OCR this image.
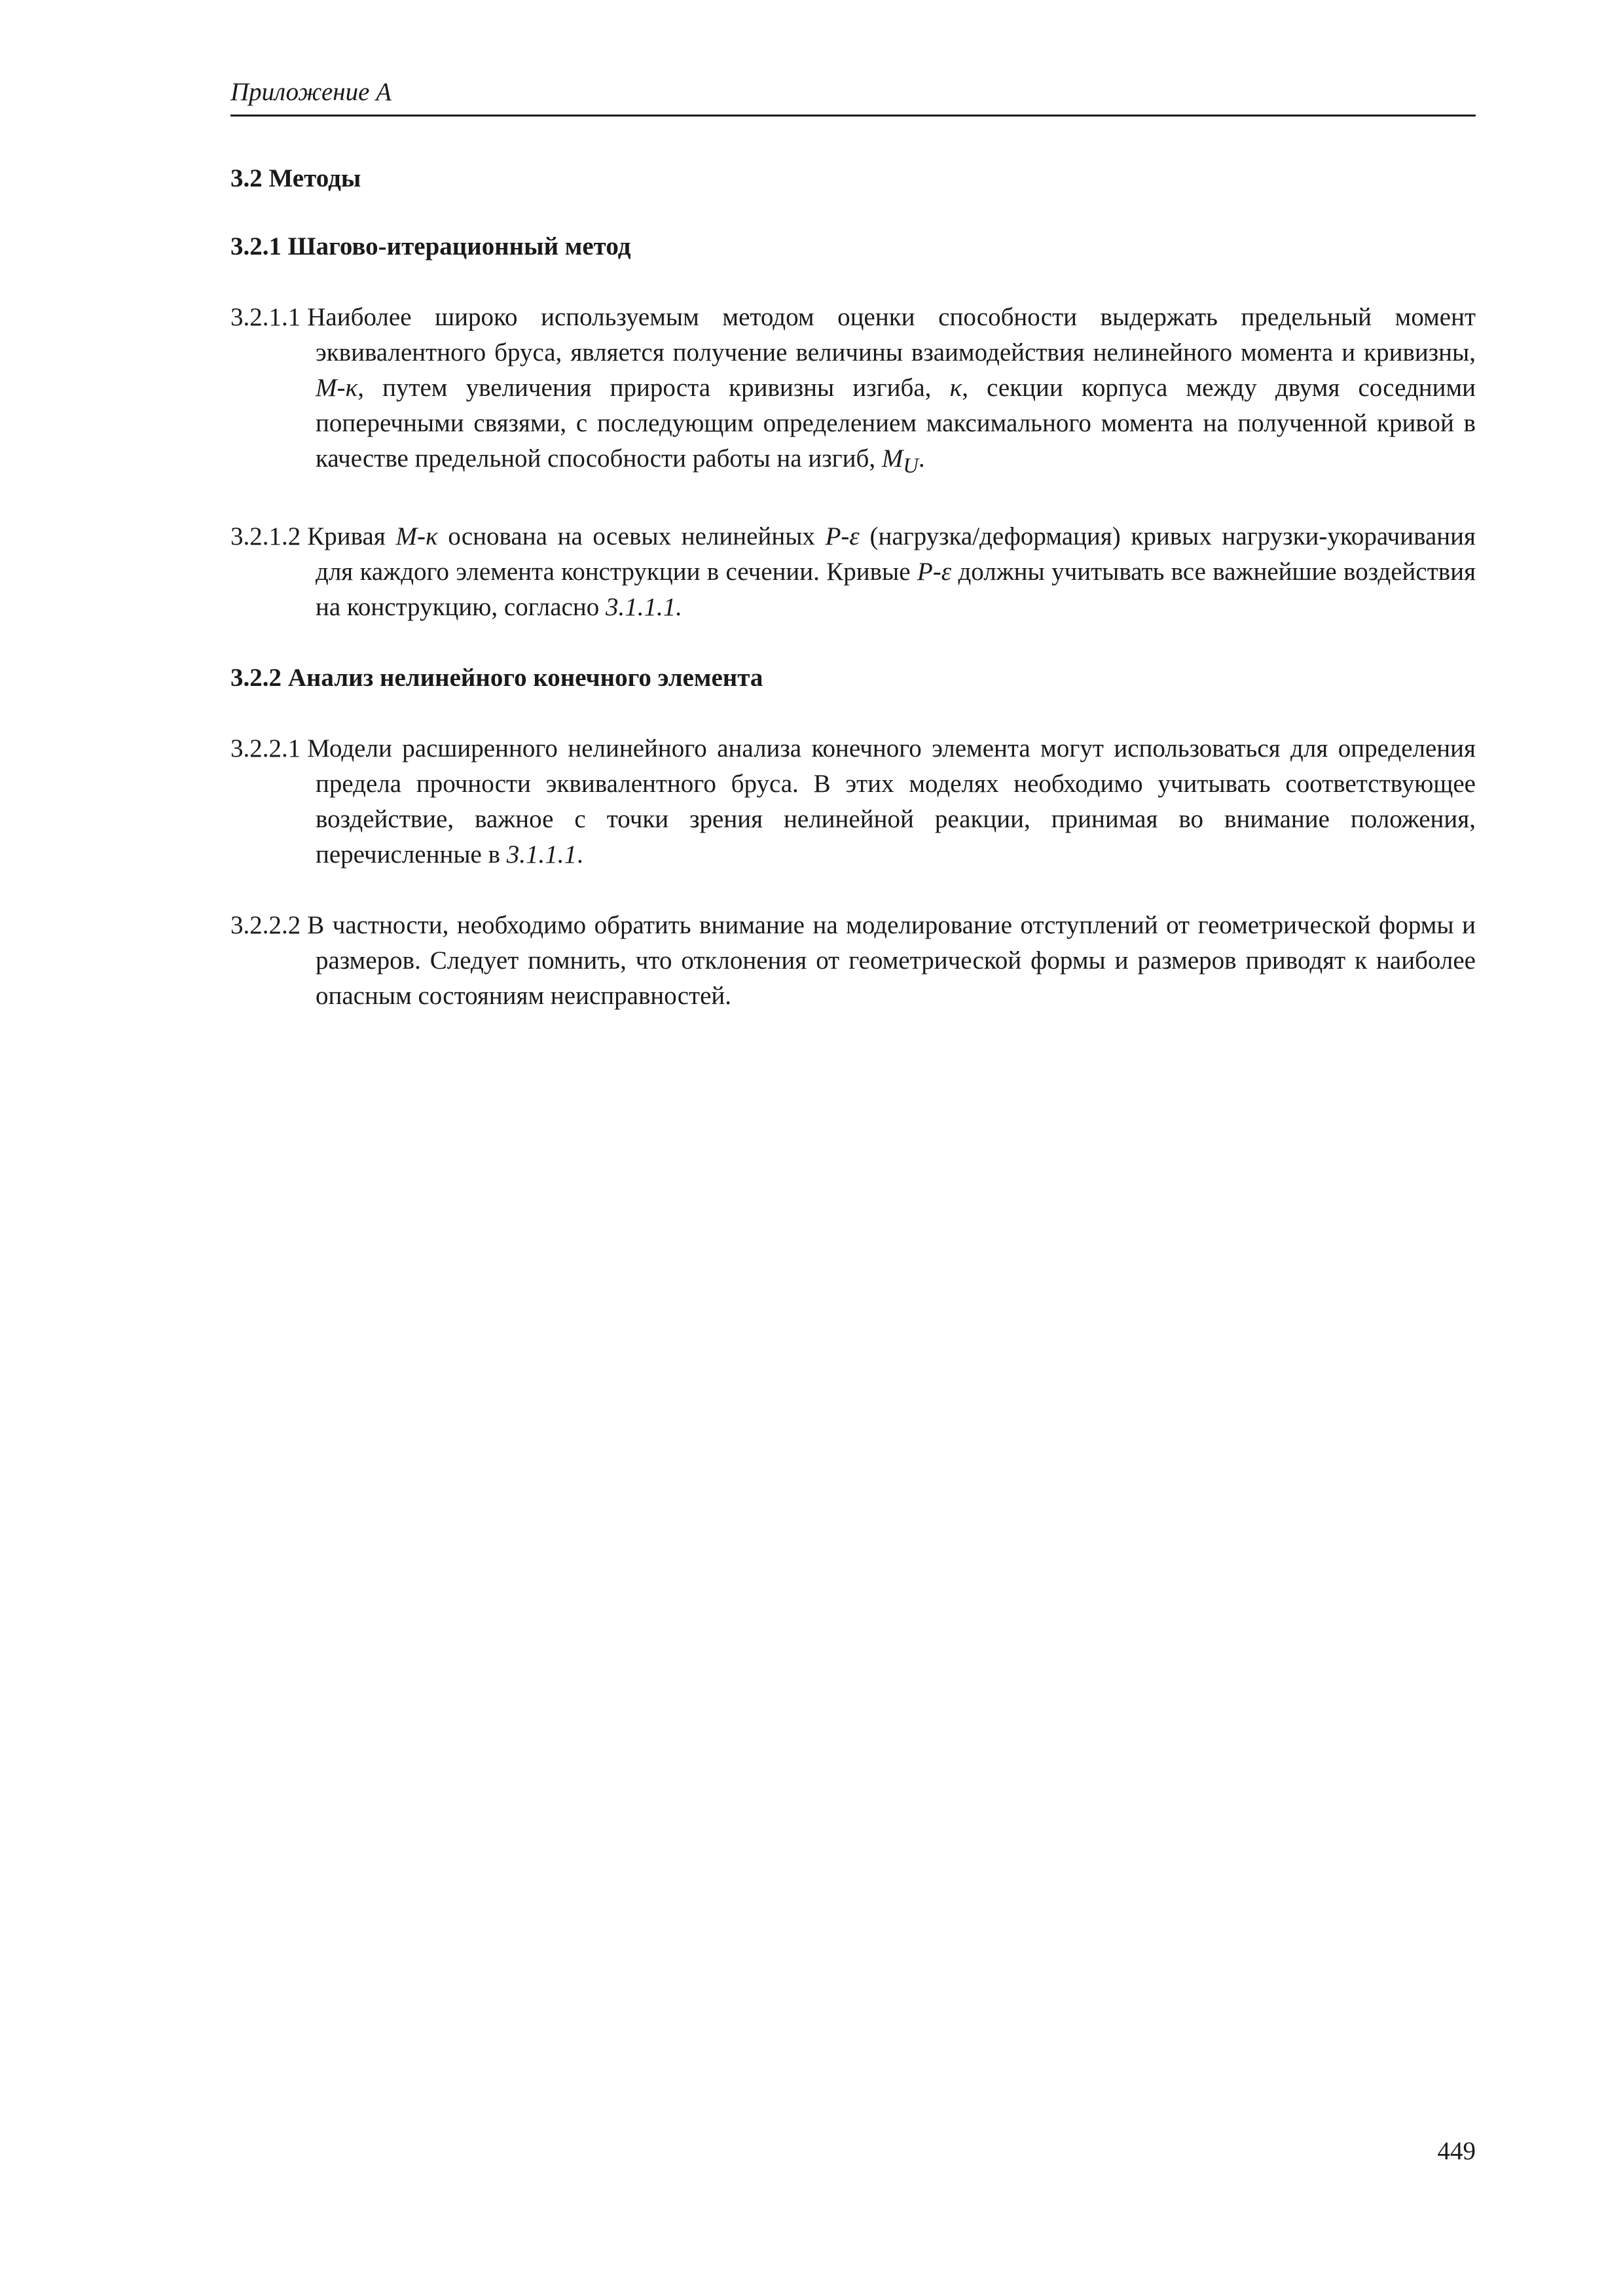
Приложение А
3.2 Методы
3.2.1 Шагово-итерационный метод

3.2.1.1 Наиболее широко используемым методом оценки способности выдержать предельный момент эквивалентного бруса, является получение величины взаимодействия нелинейного момента и кривизны, M-κ, путем увеличения прироста кривизны изгиба, κ, секции корпуса между двумя соседними поперечными связями, с последующим определением максимального момента на полученной кривой в качестве предельной способности работы на изгиб, $M_U$.

3.2.1.2 Кривая M-κ основана на осевых нелинейных P-ε (нагрузка/деформация) кривых нагрузки-укорачивания для каждого элемента конструкции в сечении. Кривые P-ε должны учитывать все важнейшие воздействия на конструкцию, согласно 3.1.1.1.

3.2.2 Анализ нелинейного конечного элемента

3.2.2.1 Модели расширенного нелинейного анализа конечного элемента могут использоваться для определения предела прочности эквивалентного бруса. В этих моделях необходимо учитывать соответствующее воздействие, важное с точки зрения нелинейной реакции, принимая во внимание положения, перечисленные в 3.1.1.1.

3.2.2.2 В частности, необходимо обратить внимание на моделирование отступлений от геометрической формы и размеров. Следует помнить, что отклонения от геометрической формы и размеров приводят к наиболее опасным состояниям неисправностей.

449
